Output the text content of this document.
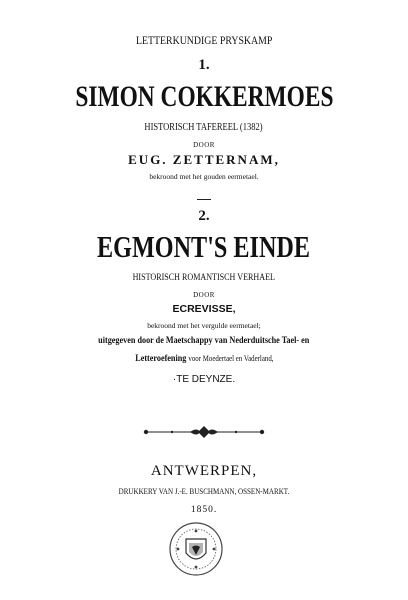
LETTERKUNDIGE PRYSKAMP
1.
SIMON COKKERMOES
HISTORISCH TAFEREEL (1382)
DOOR
EUG. ZETTERNAM,
bekroond met het gouden eermetael.
2.
EGMONT'S EINDE
HISTORISCH ROMANTISCH VERHAEL
DOOR
ECREVISSE,
bekroond met het vergulde eermetael;
uitgegeven door de Maetschappy van Nederduitsche Tael- en
Letteroefening voor Moedertael en Vaderland,
·TE DEYNZE.
ANTWERPEN,
DRUKKERY VAN J.-E. BUSCHMANN, OSSEN-MARKT.
1850.
